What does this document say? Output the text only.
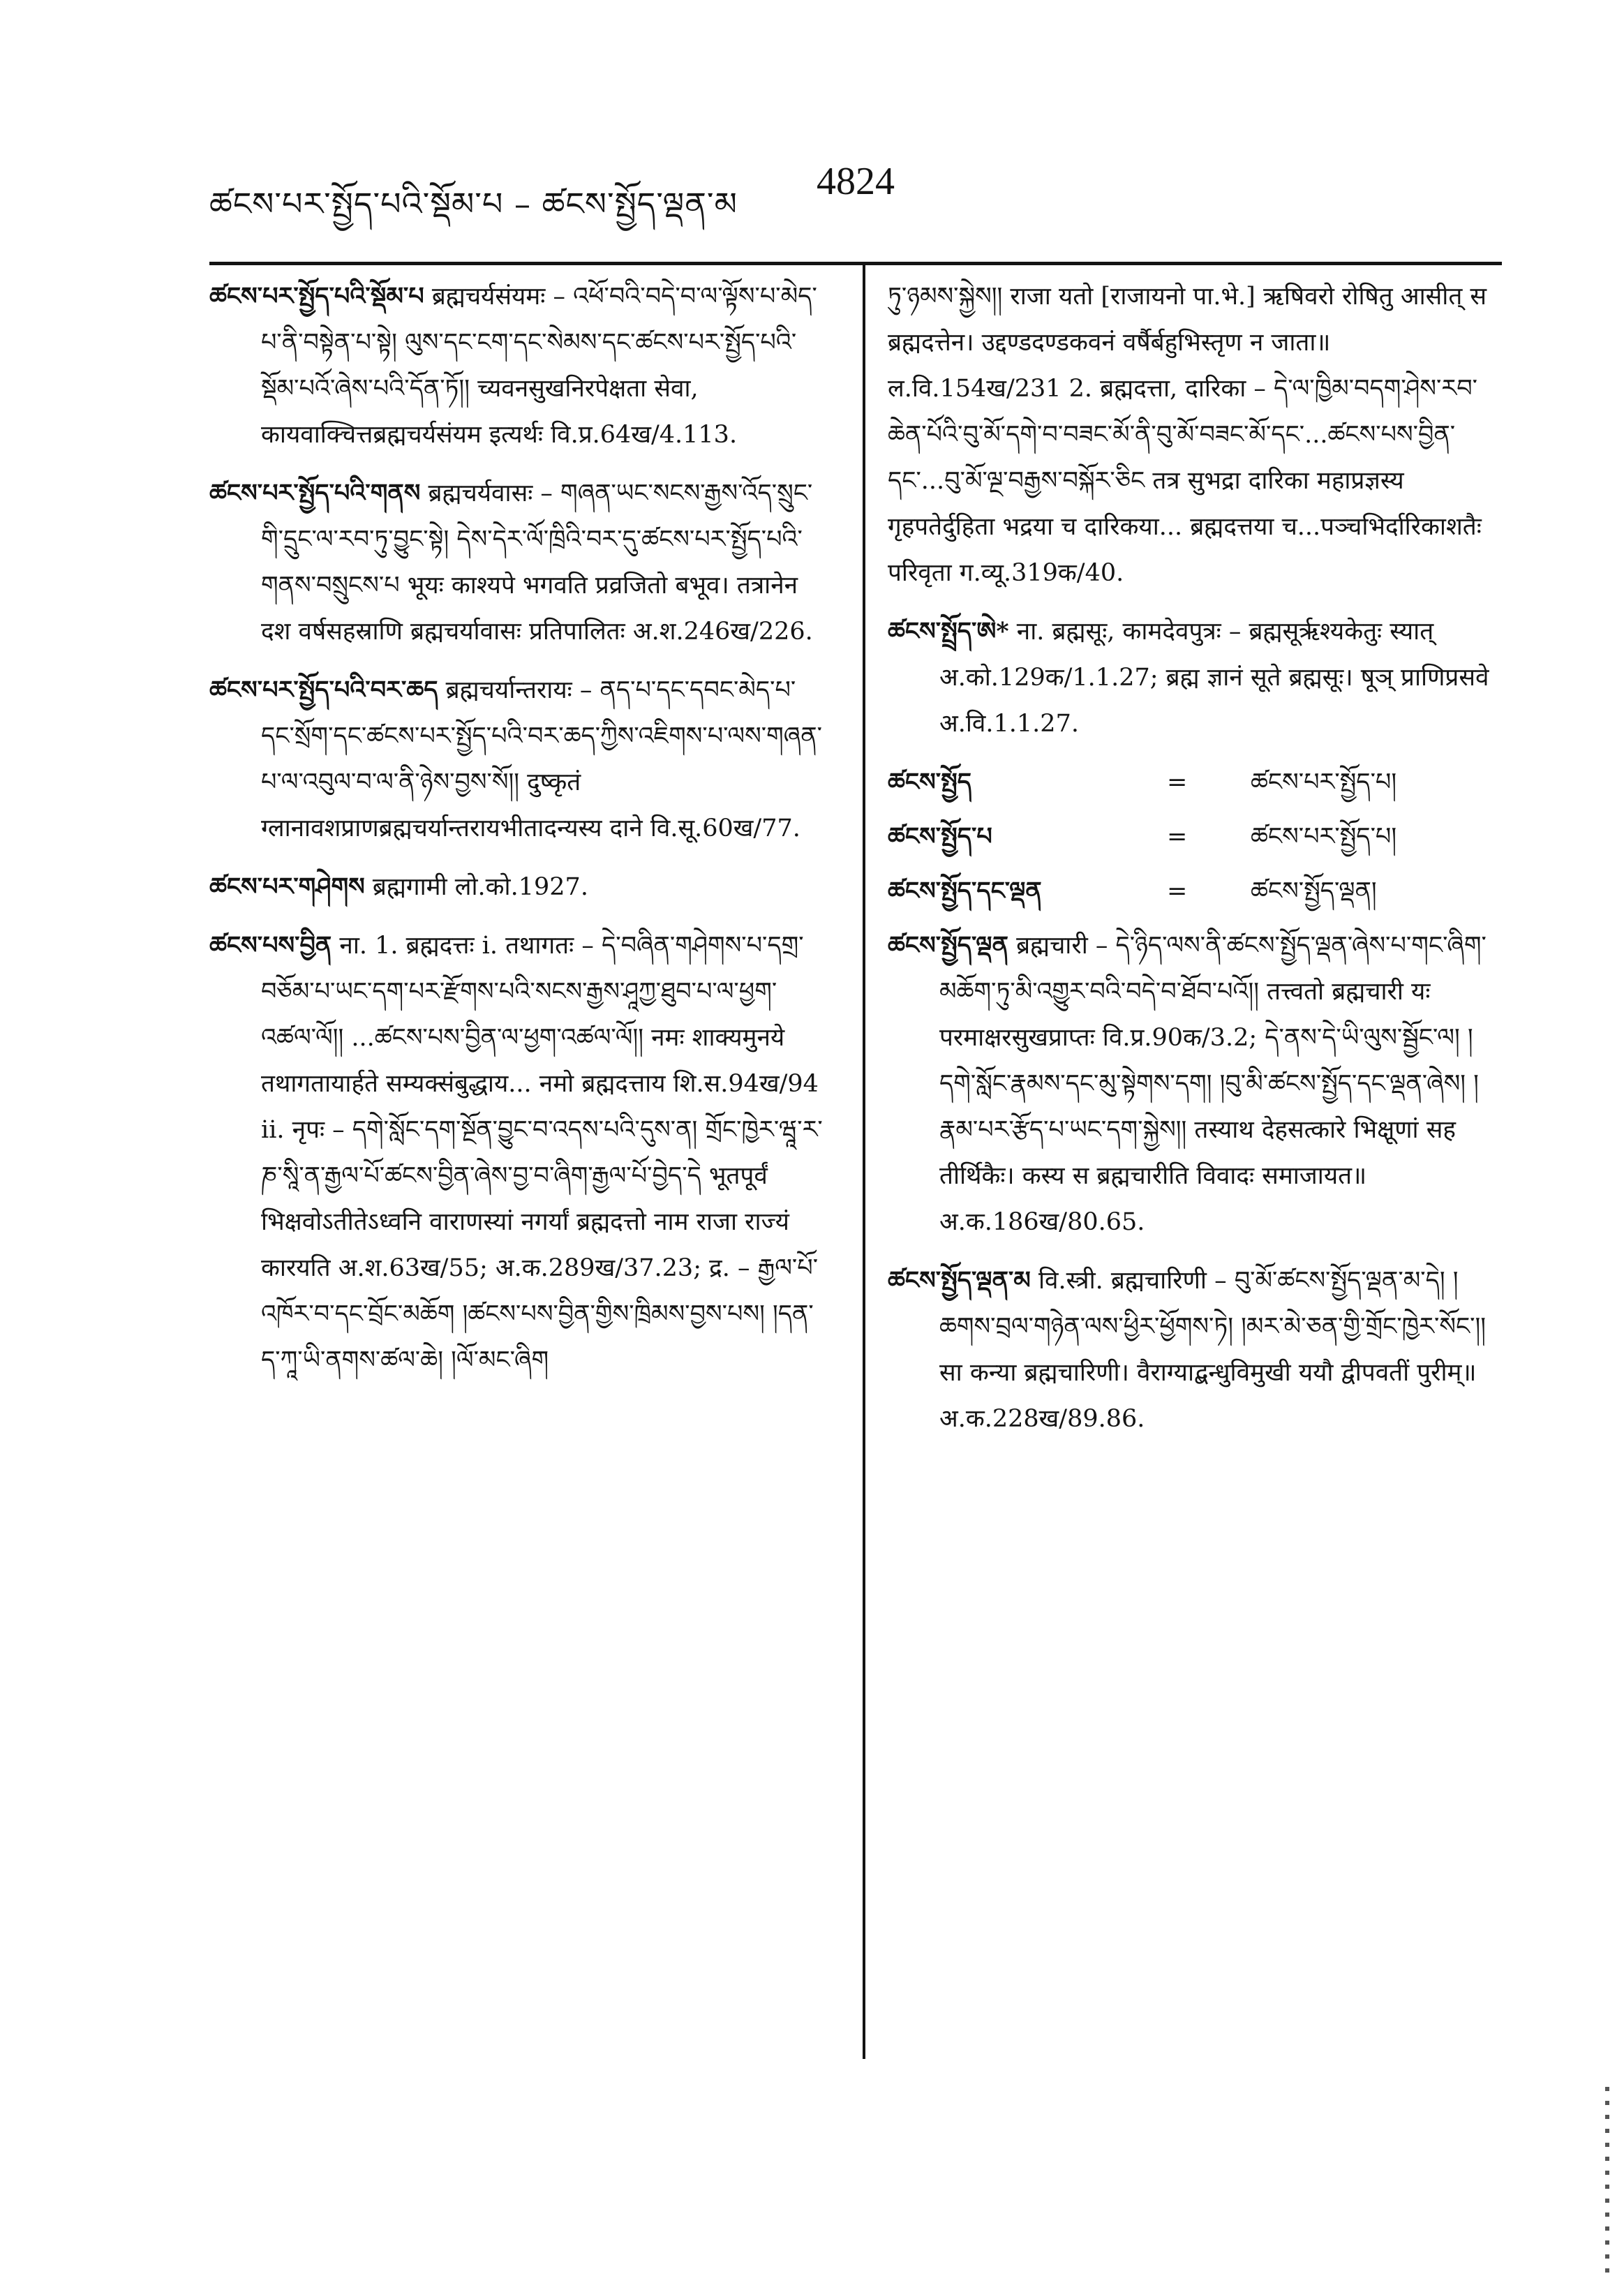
ཚངས་པར་སྤྱོད་པའི་སྡོམ་པ – ཚངས་སྤྱོད་ལྡན་མ
4824

ཚངས་པར་སྤྱོད་པའི་སྡོམ་པ ब्रह्मचर्यसंयमः – འཕོ་བའི་བདེ་བ་ལ་ལྟོས་པ་མེད་པ་ནི་བསྟེན་པ་སྟེ། ལུས་དང་ངག་དང་སེམས་དང་ཚངས་པར་སྤྱོད་པའི་སྡོམ་པའོ་ཞེས་པའི་དོན་ཏོ།། च्यवनसुखनिरपेक्षता सेवा, कायवाक्चित्तब्रह्मचर्यसंयम इत्यर्थः वि.प्र.64ख/4.113.

ཚངས་པར་སྤྱོད་པའི་གནས ब्रह्मचर्यवासः – གཞན་ཡང་སངས་རྒྱས་འོད་སྲུང་གི་དྲུང་ལ་རབ་ཏུ་བྱུང་སྟེ། དེས་དེར་ལོ་ཁྲིའི་བར་དུ་ཚངས་པར་སྤྱོད་པའི་གནས་བསྲུངས་པ भूयः काश्यपे भगवति प्रव्रजितो बभूव। तत्रानेन दश वर्षसहस्राणि ब्रह्मचर्यावासः प्रतिपालितः अ.श.246ख/226.

ཚངས་པར་སྤྱོད་པའི་བར་ཆད ब्रह्मचर्यान्तरायः – ནད་པ་དང་དབང་མེད་པ་དང་སྲོག་དང་ཚངས་པར་སྤྱོད་པའི་བར་ཆད་ཀྱིས་འཇིགས་པ་ལས་གཞན་པ་ལ་འབུལ་བ་ལ་ནི་ཉེས་བྱས་སོ།། दुष्कृतं ग्लानावशप्राणब्रह्मचर्यान्तरायभीतादन्यस्य दाने वि.सू.60ख/77.

ཚངས་པར་གཤེགས ब्रह्मगामी लो.को.1927.

ཚངས་པས་བྱིན ना. 1. ब्रह्मदत्तः i. तथागतः – དེ་བཞིན་གཤེགས་པ་དགྲ་བཅོམ་པ་ཡང་དག་པར་རྫོགས་པའི་སངས་རྒྱས་ཤཱཀྱ་ཐུབ་པ་ལ་ཕྱག་འཚལ་ལོ།། ...ཚངས་པས་བྱིན་ལ་ཕྱག་འཚལ་ལོ།། नमः शाक्यमुनये तथागतायार्हते सम्यक्संबुद्धाय... नमो ब्रह्मदत्ताय शि.स.94ख/94 ii. नृपः – དགེ་སློང་དག་སྔོན་བྱུང་བ་འདས་པའི་དུས་ན། གྲོང་ཁྱེར་ཝཱ་ར་ཎ་སཱི་ན་རྒྱལ་པོ་ཚངས་བྱིན་ཞེས་བྱ་བ་ཞིག་རྒྱལ་པོ་བྱེད་དེ भूतपूर्वं भिक्षवोऽतीतेऽध्वनि वाराणस्यां नगर्यां ब्रह्मदत्तो नाम राजा राज्यं कारयति अ.श.63ख/55; अ.क.289ख/37.23; द्र. – རྒྱལ་པོ་འཁོར་བ་དང་བྲོང་མཆོག །ཚངས་པས་བྱིན་གྱིས་ཁྲིམས་བྱས་པས། །དན་ད་ཀཱ་ཡི་ནགས་ཚལ་ཆེ། །ལོ་མང་ཞིག

ཏུ་ཉམས་སྐྱེས།། राजा यतो [राजायनो पा.भे.] ऋषिवरो रोषितु आसीत् स ब्रह्मदत्तेन। उद्दण्डदण्डकवनं वर्षैर्बहुभिस्तृण न जाता॥ ल.वि.154ख/231 2. ब्रह्मदत्ता, दारिका – དེ་ལ་ཁྱིམ་བདག་ཤེས་རབ་ཆེན་པོའི་བུ་མོ་དགེ་བ་བཟང་མོ་ནི་བུ་མོ་བཟང་མོ་དང་...ཚངས་པས་བྱིན་དང་...བུ་མོ་ལྔ་བརྒྱས་བསྐོར་ཅིང तत्र सुभद्रा दारिका महाप्रज्ञस्य गृहपतेर्दुहिता भद्रया च दारिकया... ब्रह्मदत्तया च...पञ्चभिर्दारिकाशतैः परिवृता ग.व्यू.319क/40.

ཚངས་སྤྲོད་ཨེ* ना. ब्रह्मसूः, कामदेवपुत्रः – ब्रह्मसूरृश्यकेतुः स्यात् अ.को.129क/1.1.27; ब्रह्म ज्ञानं सूते ब्रह्मसूः। षूञ् प्राणिप्रसवे अ.वि.1.1.27.

ཚངས་སྤྱོད	=	ཚངས་པར་སྤྱོད་པ།
ཚངས་སྤྱོད་པ	=	ཚངས་པར་སྤྱོད་པ།
ཚངས་སྤྱོད་དང་ལྡན	=	ཚངས་སྤྱོད་ལྡན།

ཚངས་སྤྱོད་ལྡན ब्रह्मचारी – དེ་ཉིད་ལས་ནི་ཚངས་སྤྱོད་ལྡན་ཞེས་པ་གང་ཞིག་མཆོག་ཏུ་མི་འགྱུར་བའི་བདེ་བ་ཐོབ་པའོ།། तत्त्वतो ब्रह्मचारी यः परमाक्षरसुखप्राप्तः वि.प्र.90क/3.2; དེ་ནས་དེ་ཡི་ལུས་སྦྱོང་ལ། །དགེ་སློང་རྣམས་དང་མུ་སྟེགས་དག། །བུ་མི་ཚངས་སྤྱོད་དང་ལྡན་ཞེས། །རྣམ་པར་རྩོད་པ་ཡང་དག་སྐྱེས།། तस्याथ देहसत्कारे भिक्षूणां सह तीर्थिकैः। कस्य स ब्रह्मचारीति विवादः समाजायत॥ अ.क.186ख/80.65.

ཚངས་སྤྱོད་ལྡན་མ वि.स्त्री. ब्रह्मचारिणी – བུ་མོ་ཚངས་སྤྱོད་ལྡན་མ་དེ། །ཆགས་བྲལ་གཉེན་ལས་ཕྱིར་ཕྱོགས་ཏེ། །མར་མེ་ཅན་གྱི་གྲོང་ཁྱེར་སོང་།། सा कन्या ब्रह्मचारिणी। वैराग्याद्बन्धुविमुखी ययौ द्वीपवतीं पुरीम्॥ अ.क.228ख/89.86.
